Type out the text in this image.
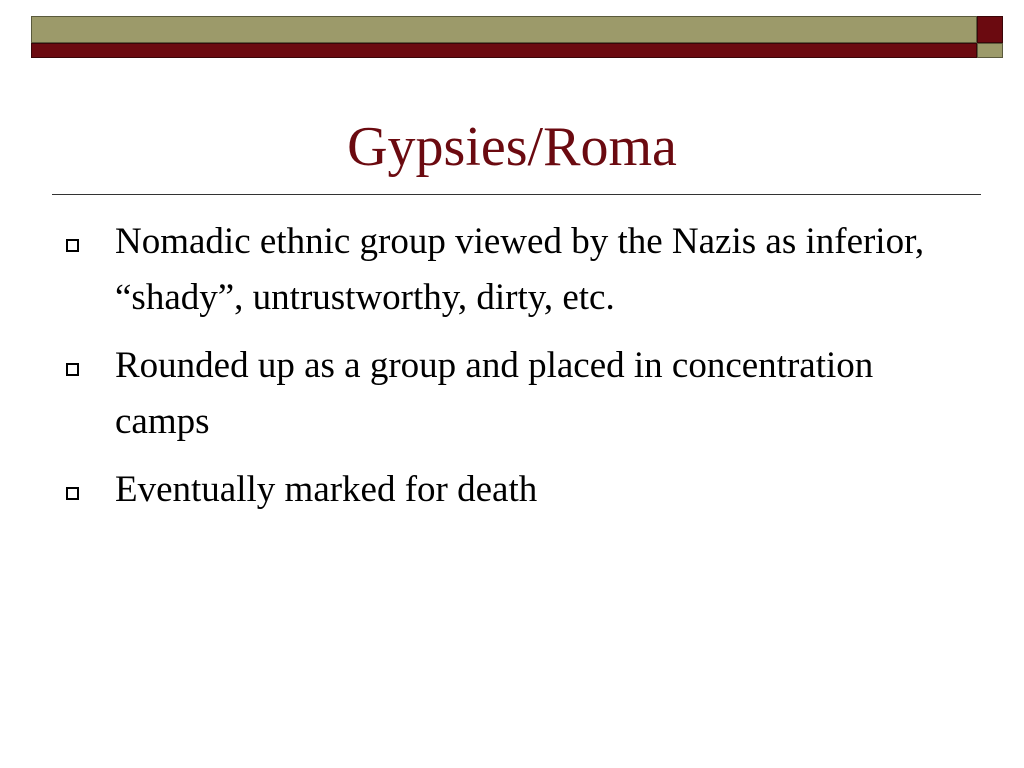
Gypsies/Roma
Nomadic ethnic group viewed by the Nazis as inferior, “shady”, untrustworthy, dirty, etc.
Rounded up as a group and placed in concentration camps
Eventually marked for death
